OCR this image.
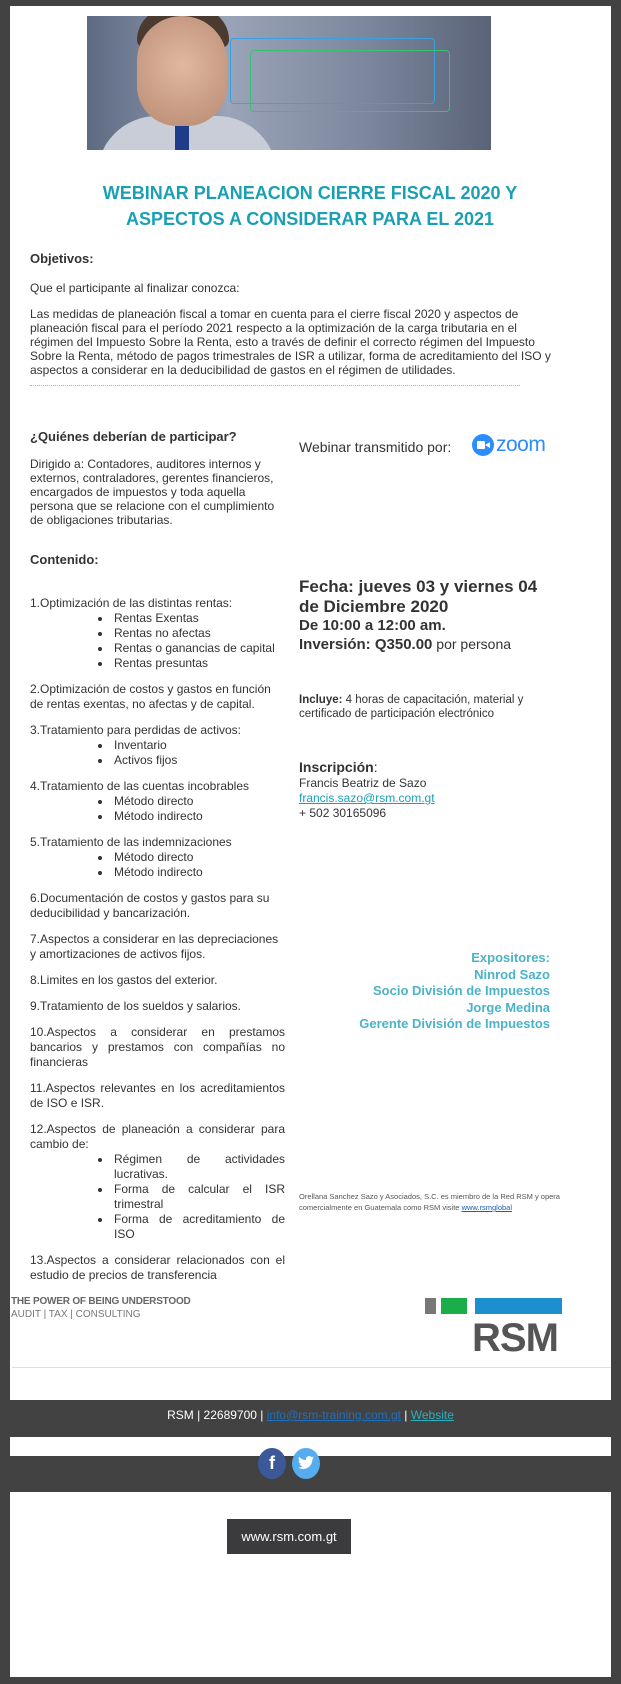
WEBINAR PLANEACION CIERRE FISCAL 2020 Y
ASPECTOS A CONSIDERAR PARA EL 2021
Objetivos:
Que el participante al finalizar conozca:
Las medidas de planeación fiscal a tomar en cuenta para el cierre fiscal 2020 y aspectos de planeación fiscal para el período 2021 respecto a la optimización de la carga tributaria en el régimen del Impuesto Sobre la Renta, esto a través de definir el correcto régimen del Impuesto Sobre la Renta, método de pagos trimestrales de ISR a utilizar, forma de acreditamiento del ISO y aspectos a considerar en la deducibilidad de gastos en el régimen de utilidades.
¿Quiénes deberían de participar?
Dirigido a: Contadores, auditores internos y externos, contraladores, gerentes financieros, encargados de impuestos y toda aquella persona que se relacione con el cumplimiento de obligaciones tributarias.
Webinar transmitido por: zoom
Contenido:
1.Optimización de las distintas rentas:
• Rentas Exentas
• Rentas no afectas
• Rentas o ganancias de capital
• Rentas presuntas
2.Optimización de costos y gastos en función de rentas exentas, no afectas y de capital.
3.Tratamiento para perdidas de activos:
• Inventario
• Activos fijos
4.Tratamiento de las cuentas incobrables
• Método directo
• Método indirecto
5.Tratamiento de las indemnizaciones
• Método directo
• Método indirecto
6.Documentación de costos y gastos para su deducibilidad y bancarización.
7.Aspectos a considerar en las depreciaciones y amortizaciones de activos fijos.
8.Limites en los gastos del exterior.
9.Tratamiento de los sueldos y salarios.
10.Aspectos a considerar en prestamos bancarios y prestamos con compañías no financieras
11.Aspectos relevantes en los acreditamientos de ISO e ISR.
12.Aspectos de planeación a considerar para cambio de:
• Régimen de actividades lucrativas.
• Forma de calcular el ISR trimestral
• Forma de acreditamiento de ISO
13.Aspectos a considerar relacionados con el estudio de precios de transferencia
Fecha: jueves 03 y viernes 04 de Diciembre 2020
De 10:00 a 12:00 am.
Inversión: Q350.00 por persona
Incluye: 4 horas de capacitación, material y certificado de participación electrónico
Inscripción:
Francis Beatriz de Sazo
francis.sazo@rsm.com.gt
+ 502 30165096
Expositores:
Ninrod Sazo
Socio División de Impuestos
Jorge Medina
Gerente División de Impuestos
Orellana Sanchez Sazo y Asociados, S.C. es miembro de la Red RSM y opera comercialmente en Guatemala como RSM visite www.rsmglobal
THE POWER OF BEING UNDERSTOOD
AUDIT | TAX | CONSULTING
RSM
RSM | 22689700 | info@rsm-training.com.gt | Website
f
www.rsm.com.gt
